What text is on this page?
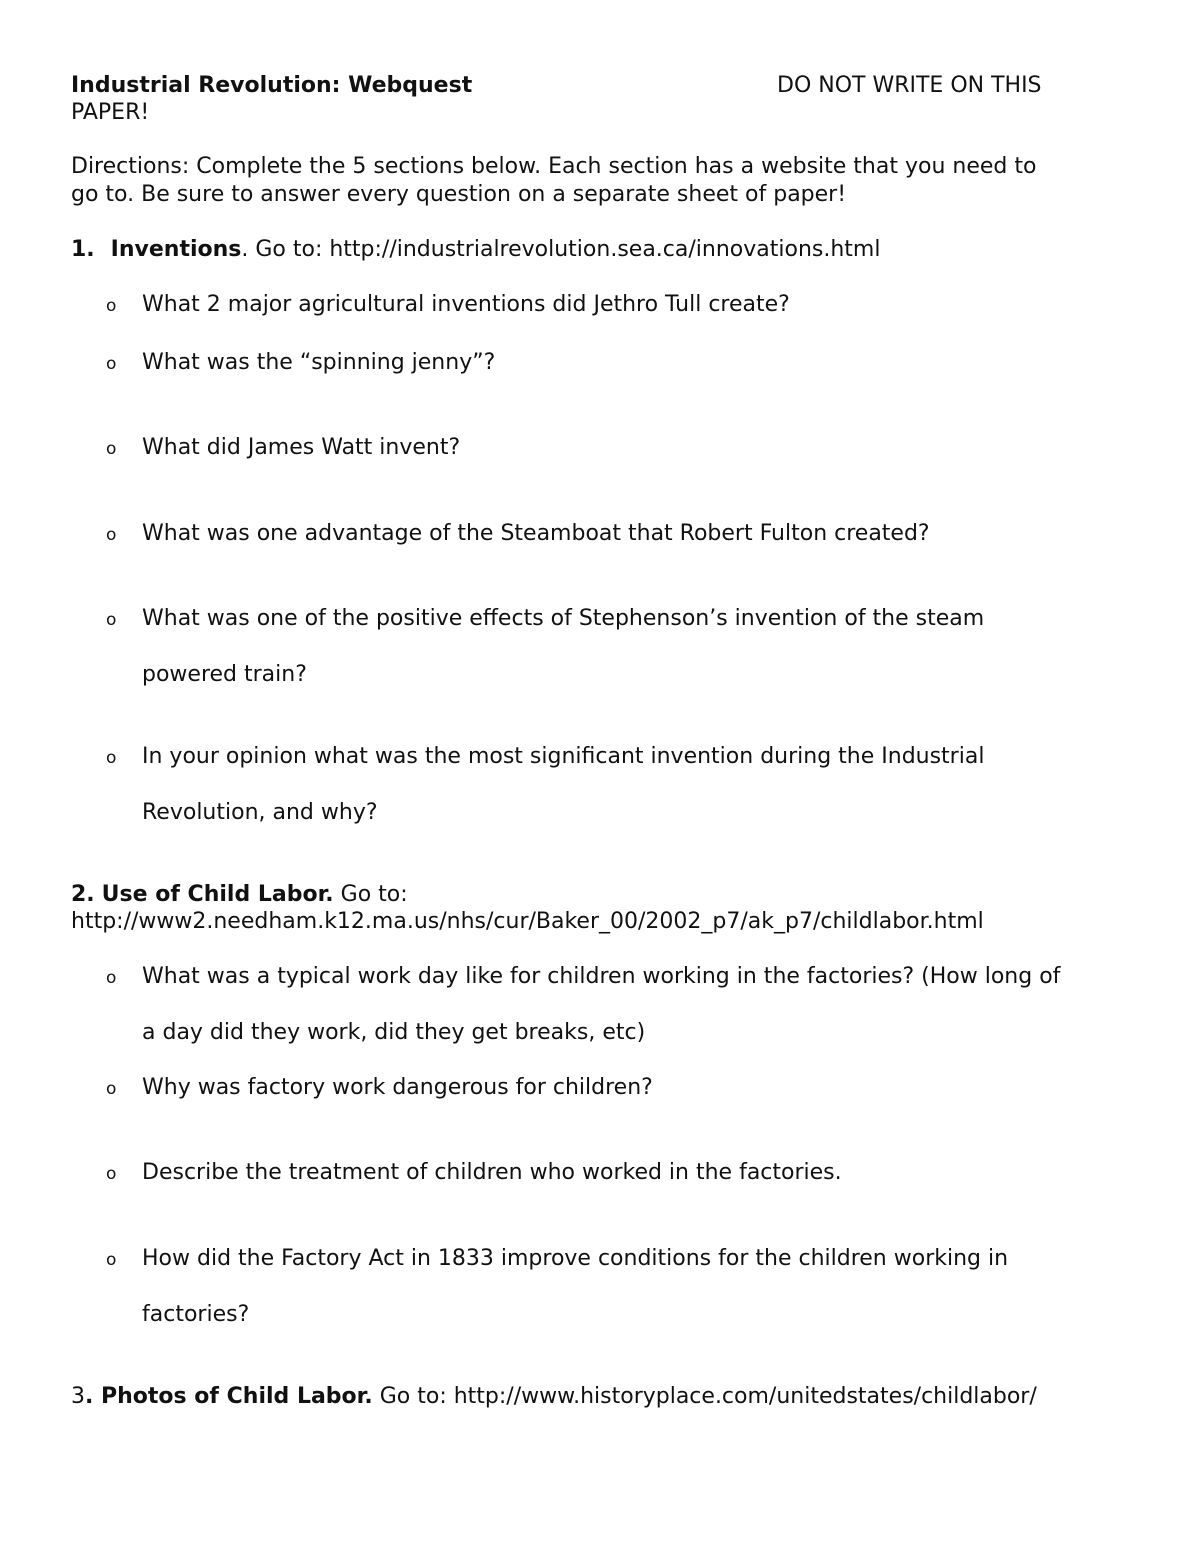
Industrial Revolution: Webquest	DO NOT WRITE ON THIS
PAPER!
Directions: Complete the 5 sections below. Each section has a website that you need to
go to. Be sure to answer every question on a separate sheet of paper!
1. Inventions. Go to: http://industrialrevolution.sea.ca/innovations.html
o What 2 major agricultural inventions did Jethro Tull create?
o What was the “spinning jenny”?
o What did James Watt invent?
o What was one advantage of the Steamboat that Robert Fulton created?
o What was one of the positive effects of Stephenson’s invention of the steam
powered train?
o In your opinion what was the most significant invention during the Industrial
Revolution, and why?
2. Use of Child Labor. Go to:
http://www2.needham.k12.ma.us/nhs/cur/Baker_00/2002_p7/ak_p7/childlabor.html
o What was a typical work day like for children working in the factories? (How long of
a day did they work, did they get breaks, etc)
o Why was factory work dangerous for children?
o Describe the treatment of children who worked in the factories.
o How did the Factory Act in 1833 improve conditions for the children working in
factories?
3. Photos of Child Labor. Go to: http://www.historyplace.com/unitedstates/childlabor/
